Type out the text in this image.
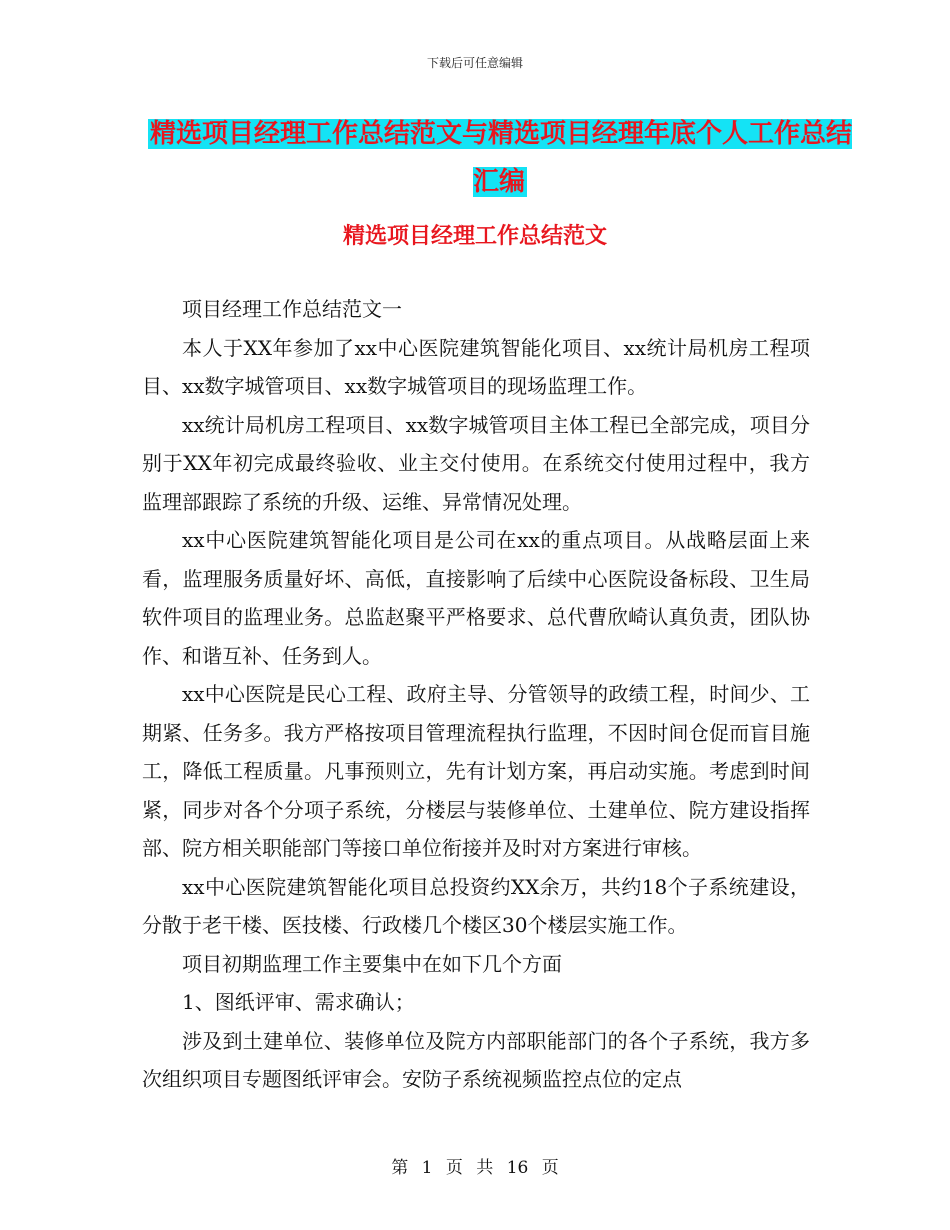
下载后可任意编辑
精选项目经理工作总结范文与精选项目经理年底个人工作总结汇编
精选项目经理工作总结范文

项目经理工作总结范文一

本人于XX年参加了xx中心医院建筑智能化项目、xx统计局机房工程项目、xx数字城管项目、xx数字城管项目的现场监理工作。

xx统计局机房工程项目、xx数字城管项目主体工程已全部完成，项目分别于XX年初完成最终验收、业主交付使用。在系统交付使用过程中，我方监理部跟踪了系统的升级、运维、异常情况处理。

xx中心医院建筑智能化项目是公司在xx的重点项目。从战略层面上来看，监理服务质量好坏、高低，直接影响了后续中心医院设备标段、卫生局软件项目的监理业务。总监赵聚平严格要求、总代曹欣崎认真负责，团队协作、和谐互补、任务到人。

xx中心医院是民心工程、政府主导、分管领导的政绩工程，时间少、工期紧、任务多。我方严格按项目管理流程执行监理，不因时间仓促而盲目施工，降低工程质量。凡事预则立，先有计划方案，再启动实施。考虑到时间紧，同步对各个分项子系统，分楼层与装修单位、土建单位、院方建设指挥部、院方相关职能部门等接口单位衔接并及时对方案进行审核。

xx中心医院建筑智能化项目总投资约XX余万，共约18个子系统建设，分散于老干楼、医技楼、行政楼几个楼区30个楼层实施工作。

项目初期监理工作主要集中在如下几个方面

1、图纸评审、需求确认；

涉及到土建单位、装修单位及院方内部职能部门的各个子系统，我方多次组织项目专题图纸评审会。安防子系统视频监控点位的定点

第 1 页 共 16 页
